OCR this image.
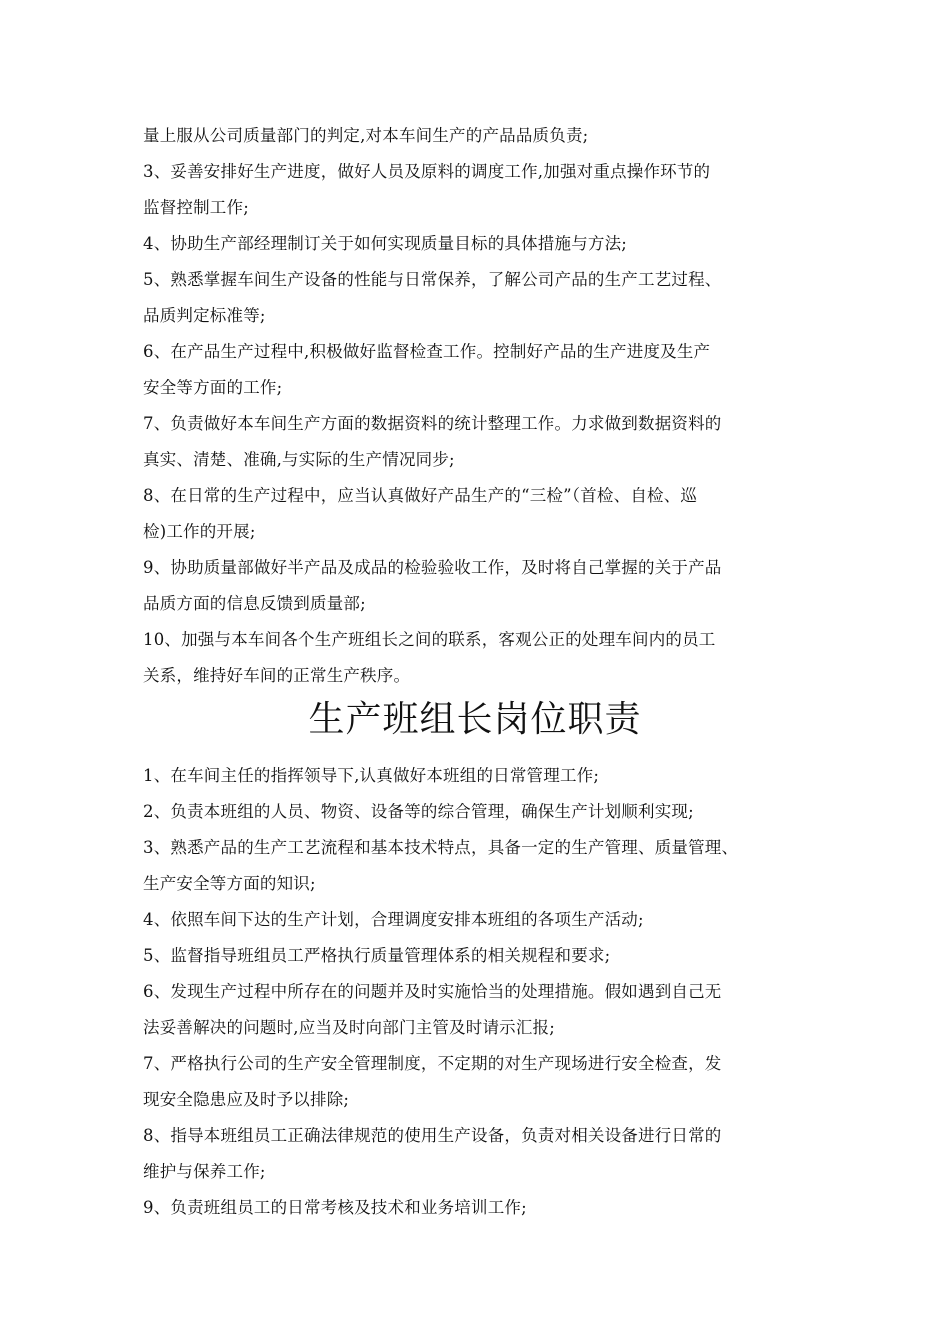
量上服从公司质量部门的判定,对本车间生产的产品品质负责;
3、妥善安排好生产进度，做好人员及原料的调度工作,加强对重点操作环节的
监督控制工作;
4、协助生产部经理制订关于如何实现质量目标的具体措施与方法;
5、熟悉掌握车间生产设备的性能与日常保养，了解公司产品的生产工艺过程、
品质判定标准等;
6、在产品生产过程中,积极做好监督检查工作。控制好产品的生产进度及生产
安全等方面的工作;
7、负责做好本车间生产方面的数据资料的统计整理工作。力求做到数据资料的
真实、清楚、准确,与实际的生产情况同步;
8、在日常的生产过程中，应当认真做好产品生产的“三检”（首检、自检、巡
检)工作的开展;
9、协助质量部做好半产品及成品的检验验收工作，及时将自己掌握的关于产品
品质方面的信息反馈到质量部;
10、加强与本车间各个生产班组长之间的联系，客观公正的处理车间内的员工
关系，维持好车间的正常生产秩序。
生产班组长岗位职责
1、在车间主任的指挥领导下,认真做好本班组的日常管理工作;
2、负责本班组的人员、物资、设备等的综合管理，确保生产计划顺利实现;
3、熟悉产品的生产工艺流程和基本技术特点，具备一定的生产管理、质量管理、
生产安全等方面的知识;
4、依照车间下达的生产计划，合理调度安排本班组的各项生产活动;
5、监督指导班组员工严格执行质量管理体系的相关规程和要求;
6、发现生产过程中所存在的问题并及时实施恰当的处理措施。假如遇到自己无
法妥善解决的问题时,应当及时向部门主管及时请示汇报;
7、严格执行公司的生产安全管理制度，不定期的对生产现场进行安全检查，发
现安全隐患应及时予以排除;
8、指导本班组员工正确法律规范的使用生产设备，负责对相关设备进行日常的
维护与保养工作;
9、负责班组员工的日常考核及技术和业务培训工作;
